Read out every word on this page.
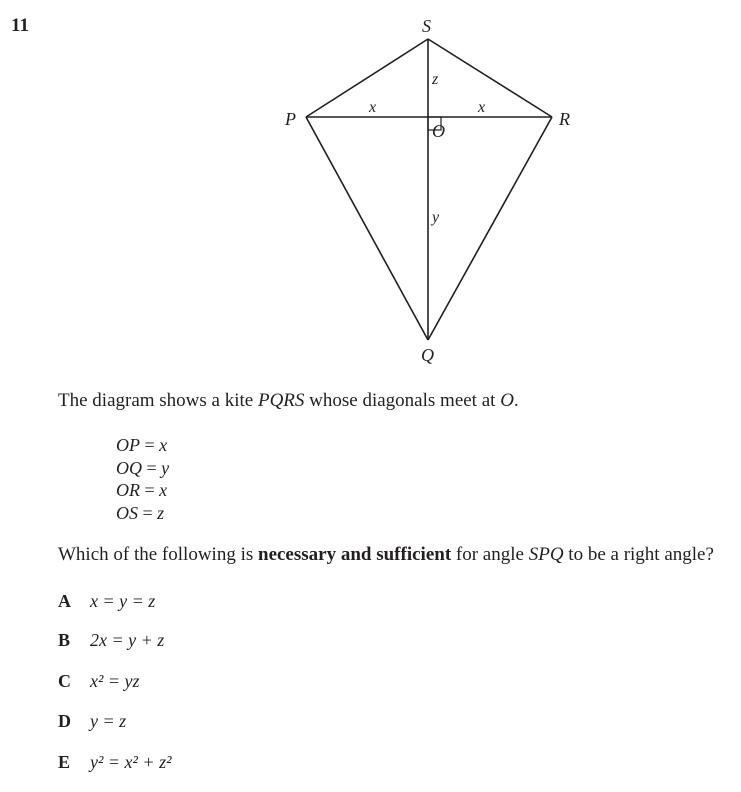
11	S
P	R
O
Q
z
x	x
y
The diagram shows a kite PQRS whose diagonals meet at O.
OP = x
OQ = y
OR = x
OS = z
Which of the following is necessary and sufficient for angle SPQ to be a right angle?
A x = y = z
B 2x = y + z
C x² = yz
D y = z
E y² = x² + z²
